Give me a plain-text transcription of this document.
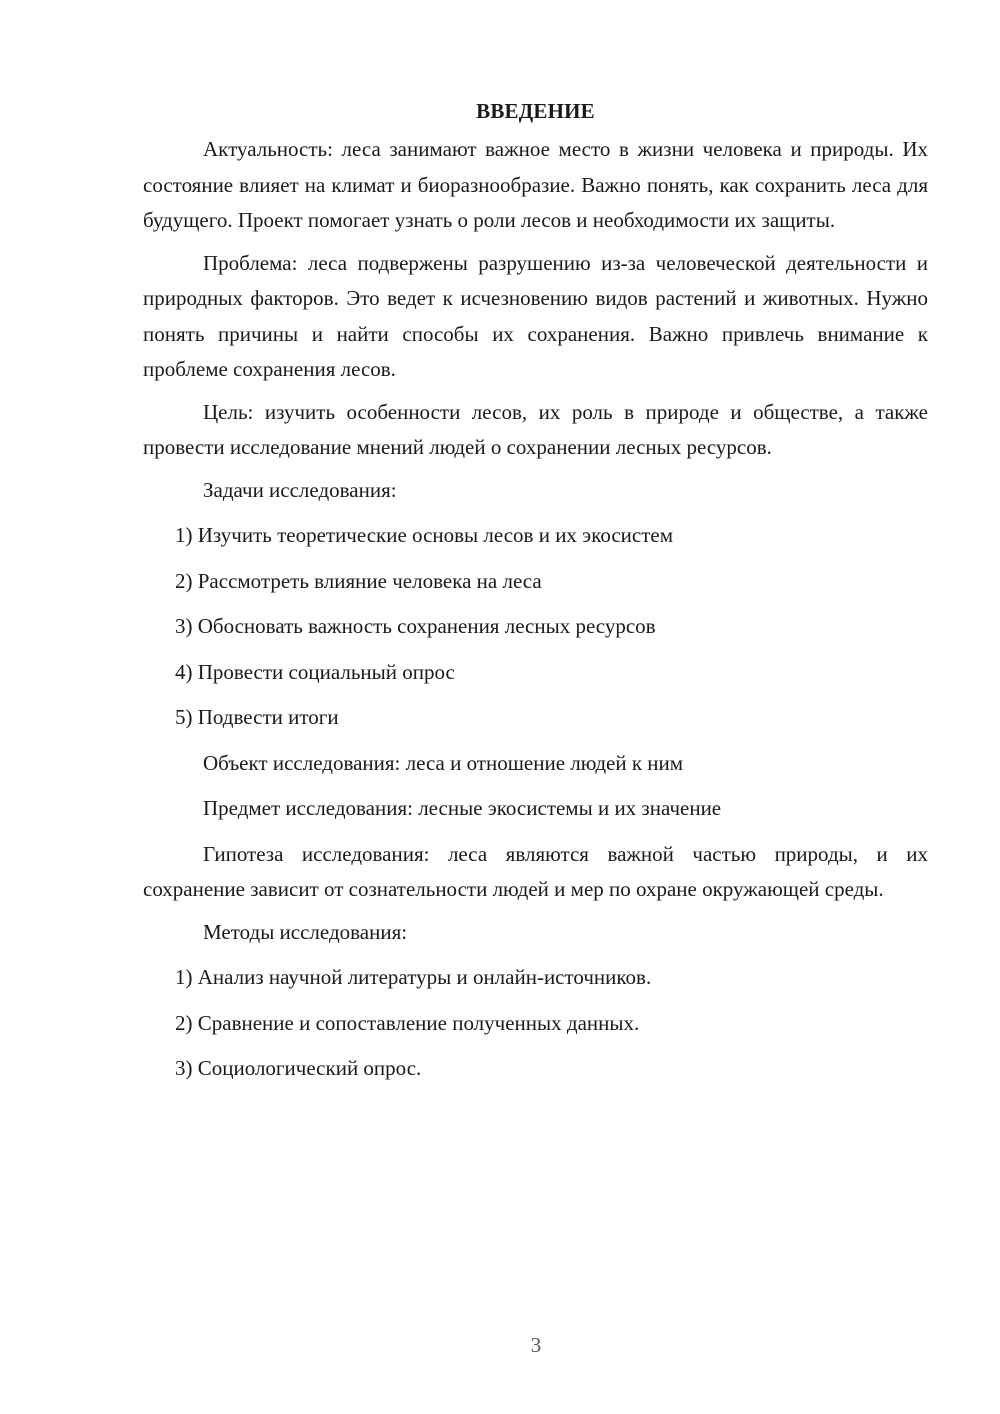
ВВЕДЕНИЕ

Актуальность: леса занимают важное место в жизни человека и природы. Их состояние влияет на климат и биоразнообразие. Важно понять, как сохранить леса для будущего. Проект помогает узнать о роли лесов и необходимости их защиты.

Проблема: леса подвержены разрушению из-за человеческой деятельности и природных факторов. Это ведет к исчезновению видов растений и животных. Нужно понять причины и найти способы их сохранения. Важно привлечь внимание к проблеме сохранения лесов.

Цель: изучить особенности лесов, их роль в природе и обществе, а также провести исследование мнений людей о сохранении лесных ресурсов.

Задачи исследования:
1) Изучить теоретические основы лесов и их экосистем
2) Рассмотреть влияние человека на леса
3) Обосновать важность сохранения лесных ресурсов
4) Провести социальный опрос
5) Подвести итоги
Объект исследования: леса и отношение людей к ним
Предмет исследования: лесные экосистемы и их значение

Гипотеза исследования: леса являются важной частью природы, и их сохранение зависит от сознательности людей и мер по охране окружающей среды.

Методы исследования:
1) Анализ научной литературы и онлайн-источников.
2) Сравнение и сопоставление полученных данных.
3) Социологический опрос.
3
